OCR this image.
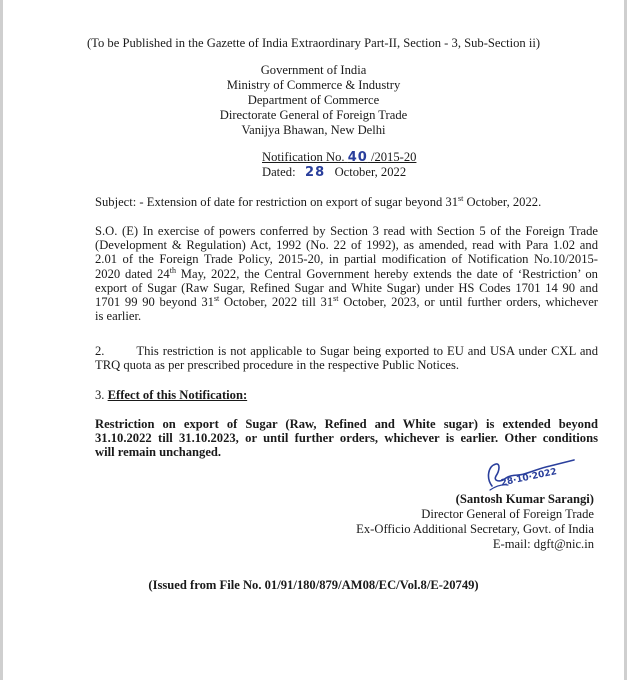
(To be Published in the Gazette of India Extraordinary Part-II, Section - 3, Sub-Section ii)
Government of India
Ministry of Commerce & Industry
Department of Commerce
Directorate General of Foreign Trade
Vanijya Bhawan, New Delhi
Notification No. 40 /2015-20
Dated: 28 October, 2022
Subject: - Extension of date for restriction on export of sugar beyond 31st October, 2022.
S.O. (E) In exercise of powers conferred by Section 3 read with Section 5 of the Foreign Trade
(Development & Regulation) Act, 1992 (No. 22 of 1992), as amended, read with Para 1.02 and
2.01 of the Foreign Trade Policy, 2015-20, in partial modification of Notification No.10/2015-
2020 dated 24th May, 2022, the Central Government hereby extends the date of ‘Restriction’ on
export of Sugar (Raw Sugar, Refined Sugar and White Sugar) under HS Codes 1701 14 90 and
1701 99 90 beyond 31st October, 2022 till 31st October, 2023, or until further orders, whichever
is earlier.
2.	This restriction is not applicable to Sugar being exported to EU and USA under CXL and
TRQ quota as per prescribed procedure in the respective Public Notices.
3. Effect of this Notification:
Restriction on export of Sugar (Raw, Refined and White sugar) is extended beyond
31.10.2022 till 31.10.2023, or until further orders, whichever is earlier. Other conditions
will remain unchanged.
28·10·2022
(Santosh Kumar Sarangi)
Director General of Foreign Trade
Ex-Officio Additional Secretary, Govt. of India
E-mail: dgft@nic.in
(Issued from File No. 01/91/180/879/AM08/EC/Vol.8/E-20749)
